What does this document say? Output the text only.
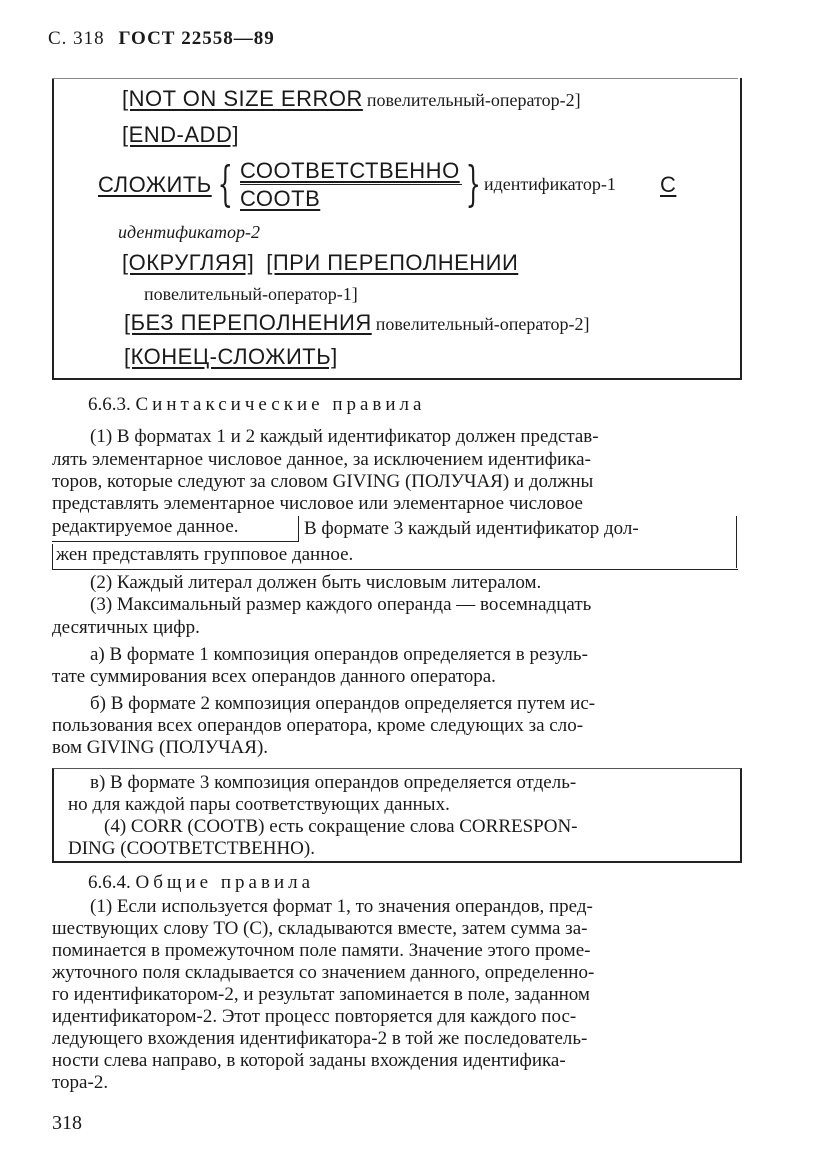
С. 318 ГОСТ 22558—89
[NOT ON SIZE ERROR повелительный-оператор-2]
[END-ADD]
СЛОЖИТЬ { СООТВЕТСТВЕННО
СООТВ	} идентификатор-1 С
идентификатор-2
[ОКРУГЛЯЯ] [ПРИ ПЕРЕПОЛНЕНИИ
повелительный-оператор-1]
[БЕЗ ПЕРЕПОЛНЕНИЯ повелительный-оператор-2]
[КОНЕЦ-СЛОЖИТЬ]
6.6.3. Синтаксические правила
(1) В форматах 1 и 2 каждый идентификатор должен представ-
лять элементарное числовое данное, за исключением идентифика-
торов, которые следуют за словом GIVING (ПОЛУЧАЯ) и должны
представлять элементарное числовое или элементарное числовое
редактируемое данное.	В формате 3 каждый идентификатор дол-
жен представлять групповое данное.
(2) Каждый литерал должен быть числовым литералом.
(3) Максимальный размер каждого операнда — восемнадцать
десятичных цифр.
а) В формате 1 композиция операндов определяется в резуль-
тате суммирования всех операндов данного оператора.
б) В формате 2 композиция операндов определяется путем ис-
пользования всех операндов оператора, кроме следующих за сло-
вом GIVING (ПОЛУЧАЯ).
в) В формате 3 композиция операндов определяется отдель-
но для каждой пары соответствующих данных.
(4) CORR (COOTB) есть сокращение слова CORRESPON-
DING (СООТВЕТСТВЕННО).
6.6.4. Общие правила
(1) Если используется формат 1, то значения операндов, пред-
шествующих слову TO (С), складываются вместе, затем сумма за-
поминается в промежуточном поле памяти. Значение этого проме-
жуточного поля складывается со значением данного, определенно-
го идентификатором-2, и результат запоминается в поле, заданном
идентификатором-2. Этот процесс повторяется для каждого пос-
ледующего вхождения идентификатора-2 в той же последователь-
ности слева направо, в которой заданы вхождения идентифика-
тора-2.
318
